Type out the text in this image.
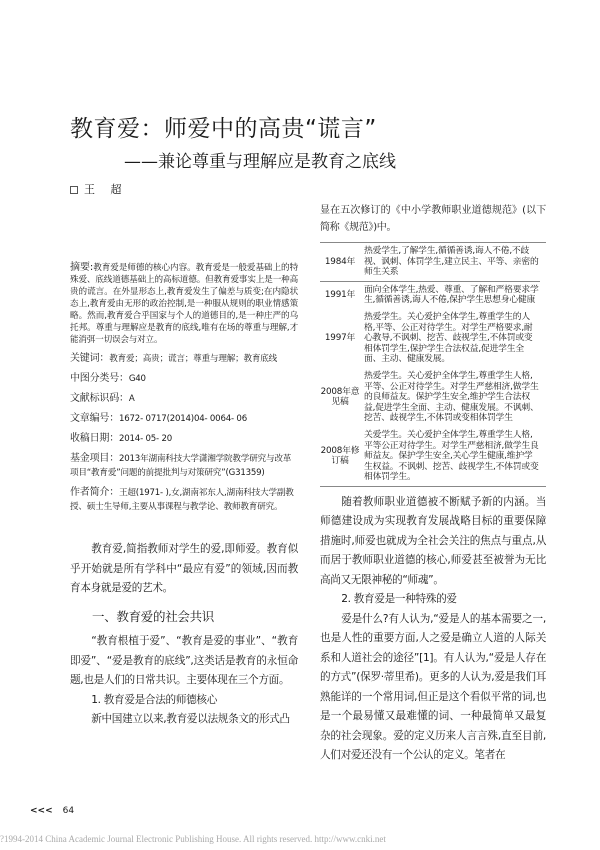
教育爱：师爱中的高贵“谎言”
——兼论尊重与理解应是教育之底线
王 超
摘要:教育爱是师德的核心内容。教育爱是一般爱基础上的特殊爱、底线道德基础上的高标道德。但教育爱事实上是一种高贵的谎言。在外显形态上,教育爱发生了偏差与质变;在内隐状态上,教育爱由无形的政治控制,是一种服从规则的职业情感策略。然而,教育爱合乎国家与个人的道德目的,是一种庄严的乌托邦。尊重与理解应是教育的底线,唯有在场的尊重与理解,才能消弭一切误会与对立。
关键词：教育爱；高贵；谎言；尊重与理解；教育底线
中图分类号：G40
文献标识码：A
文章编号：1672- 0717(2014)04- 0064- 06
收稿日期：2014- 05- 20
基金项目：2013年湖南科技大学潇湘学院教学研究与改革项目“教育爱”问题的前提批判与对策研究”(G31359)
作者简介：王超(1971- ),女,湖南祁东人,湖南科技大学副教授、硕士生导师,主要从事课程与教学论、教师教育研究。
教育爱,简指教师对学生的爱,即师爱。教育似乎开始就是所有学科中“最应有爱”的领域,因而教育本身就是爱的艺术。
一、教育爱的社会共识
“教育根植于爱”、“教育是爱的事业”、“教育即爱”、“爱是教育的底线”,这类话是教育的永恒命题,也是人们的日常共识。主要体现在三个方面。
1. 教育爱是合法的师德核心
新中国建立以来,教育爱以法规条文的形式凸
显在五次修订的《中小学教师职业道德规范》(以下简称《规范》)中。
1984年	热爱学生,了解学生,循循善诱,诲人不倦,不歧视、讽刺、体罚学生,建立民主、平等、亲密的师生关系
1991年	面向全体学生,热爱、尊重、了解和严格要求学生,循循善诱,诲人不倦,保护学生思想身心健康
1997年	热爱学生。关心爱护全体学生,尊重学生的人格,平等、公正对待学生。对学生严格要求,耐心教导,不讽刺、挖苦、歧视学生,不体罚或变相体罚学生,保护学生合法权益,促进学生全面、主动、健康发展。
2008年意见稿	热爱学生。关心爱护全体学生,尊重学生人格,平等、公正对待学生。对学生严慈相济,做学生的良师益友。保护学生安全,维护学生合法权益,促进学生全面、主动、健康发展。不讽刺、挖苦、歧视学生,不体罚或变相体罚学生
2008年修订稿	关爱学生。关心爱护全体学生,尊重学生人格,平等公正对待学生。对学生严慈相济,做学生良师益友。保护学生安全,关心学生健康,维护学生权益。不讽刺、挖苦、歧视学生,不体罚或变相体罚学生。
随着教师职业道德被不断赋予新的内涵。当师德建设成为实现教育发展战略目标的重要保障措施时,师爱也就成为全社会关注的焦点与重点,从而居于教师职业道德的核心,师爱甚至被誉为无比高尚又无限神秘的“师魂”。
2. 教育爱是一种特殊的爱
爱是什么?有人认为,“爱是人的基本需要之一,也是人性的重要方面,人之爱是确立人道的人际关系和人道社会的途径”[1]。有人认为,“爱是人存在的方式”(保罗·蒂里希)。更多的人认为,爱是我们耳熟能详的一个常用词,但正是这个看似平常的词,也是一个最易懂又最难懂的词、一种最简单又最复杂的社会现象。爱的定义历来人言言殊,直至目前,人们对爱还没有一个公认的定义。笔者在
<<< 64
?1994-2014 China Academic Journal Electronic Publishing House. All rights reserved. http://www.cnki.net
